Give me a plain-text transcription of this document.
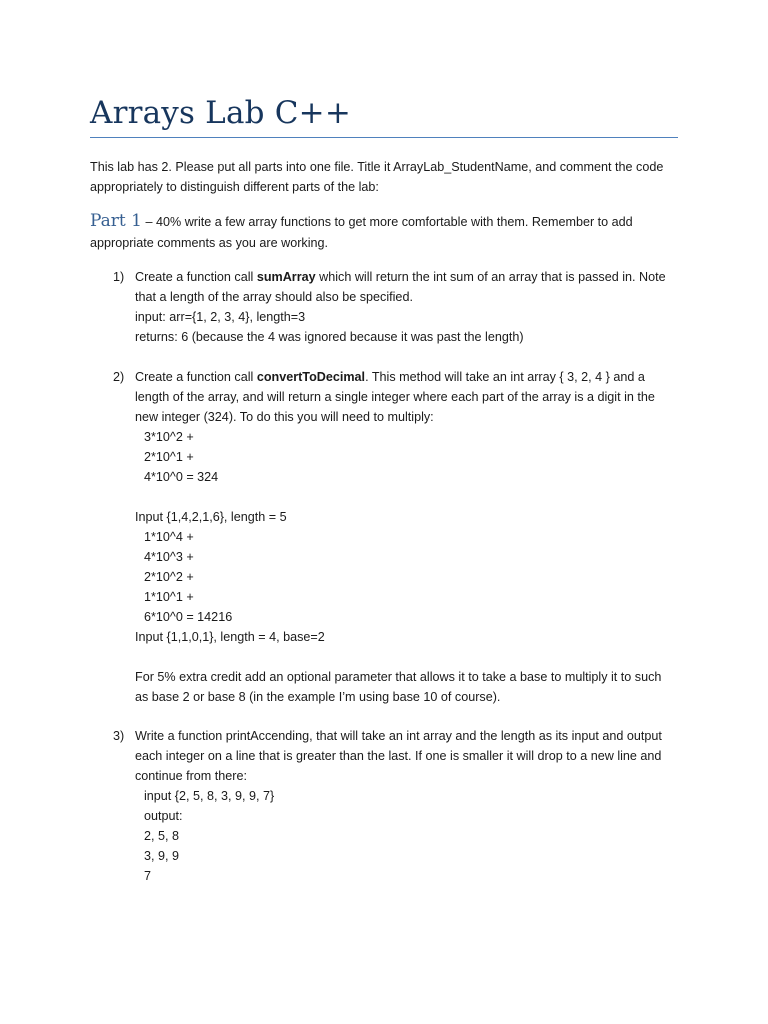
Arrays Lab C++

This lab has 2. Please put all parts into one file. Title it ArrayLab_StudentName, and comment the code
appropriately to distinguish different parts of the lab:

Part 1 – 40% write a few array functions to get more comfortable with them. Remember to add
appropriate comments as you are working.

1) Create a function call sumArray which will return the int sum of an array that is passed in. Note
that a length of the array should also be specified.
input: arr={1, 2, 3, 4}, length=3
returns: 6 (because the 4 was ignored because it was past the length)
2) Create a function call convertToDecimal. This method will take an int array { 3, 2, 4 } and a
length of the array, and will return a single integer where each part of the array is a digit in the
new integer (324). To do this you will need to multiply:
3*10^2 +
2*10^1 +
4*10^0 = 324
Input {1,4,2,1,6}, length = 5
1*10^4 +
4*10^3 +
2*10^2 +
1*10^1 +
6*10^0 = 14216
Input {1,1,0,1}, length = 4, base=2
For 5% extra credit add an optional parameter that allows it to take a base to multiply it to such
as base 2 or base 8 (in the example I’m using base 10 of course).
3) Write a function printAccending, that will take an int array and the length as its input and output
each integer on a line that is greater than the last. If one is smaller it will drop to a new line and
continue from there:
input {2, 5, 8, 3, 9, 9, 7}
output:
2, 5, 8
3, 9, 9
7
